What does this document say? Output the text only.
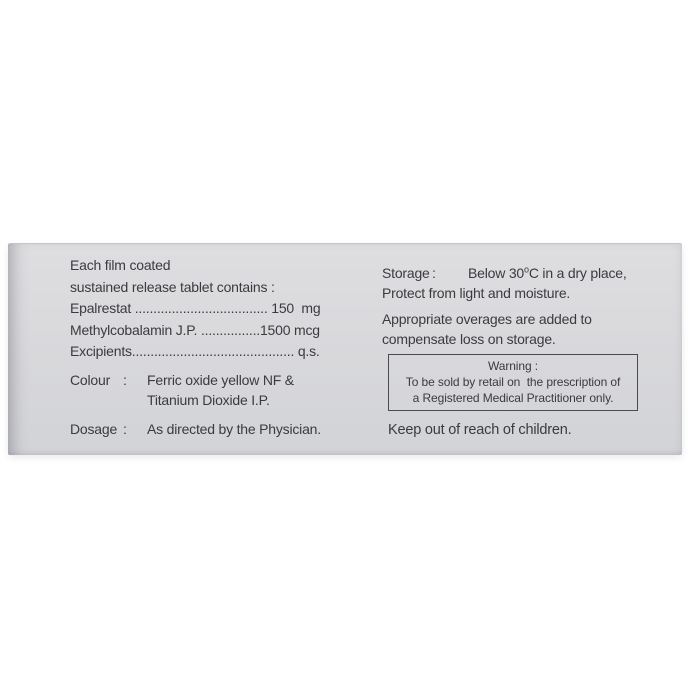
Each film coated
sustained release tablet contains :
Epalrestat .................................... 150  mg
Methylcobalamin J.P. ................1500 mcg
Excipients............................................ q.s.
Colour :	Ferric oxide yellow NF &
Titanium Dioxide I.P.
Dosage :	As directed by the Physician.
Storage :	Below 30$^o$C in a dry place,
Protect from light and moisture.
Appropriate overages are added to
compensate loss on storage.
Warning :
To be sold by retail on  the prescription of
a Registered Medical Practitioner only.
Keep out of reach of children.
